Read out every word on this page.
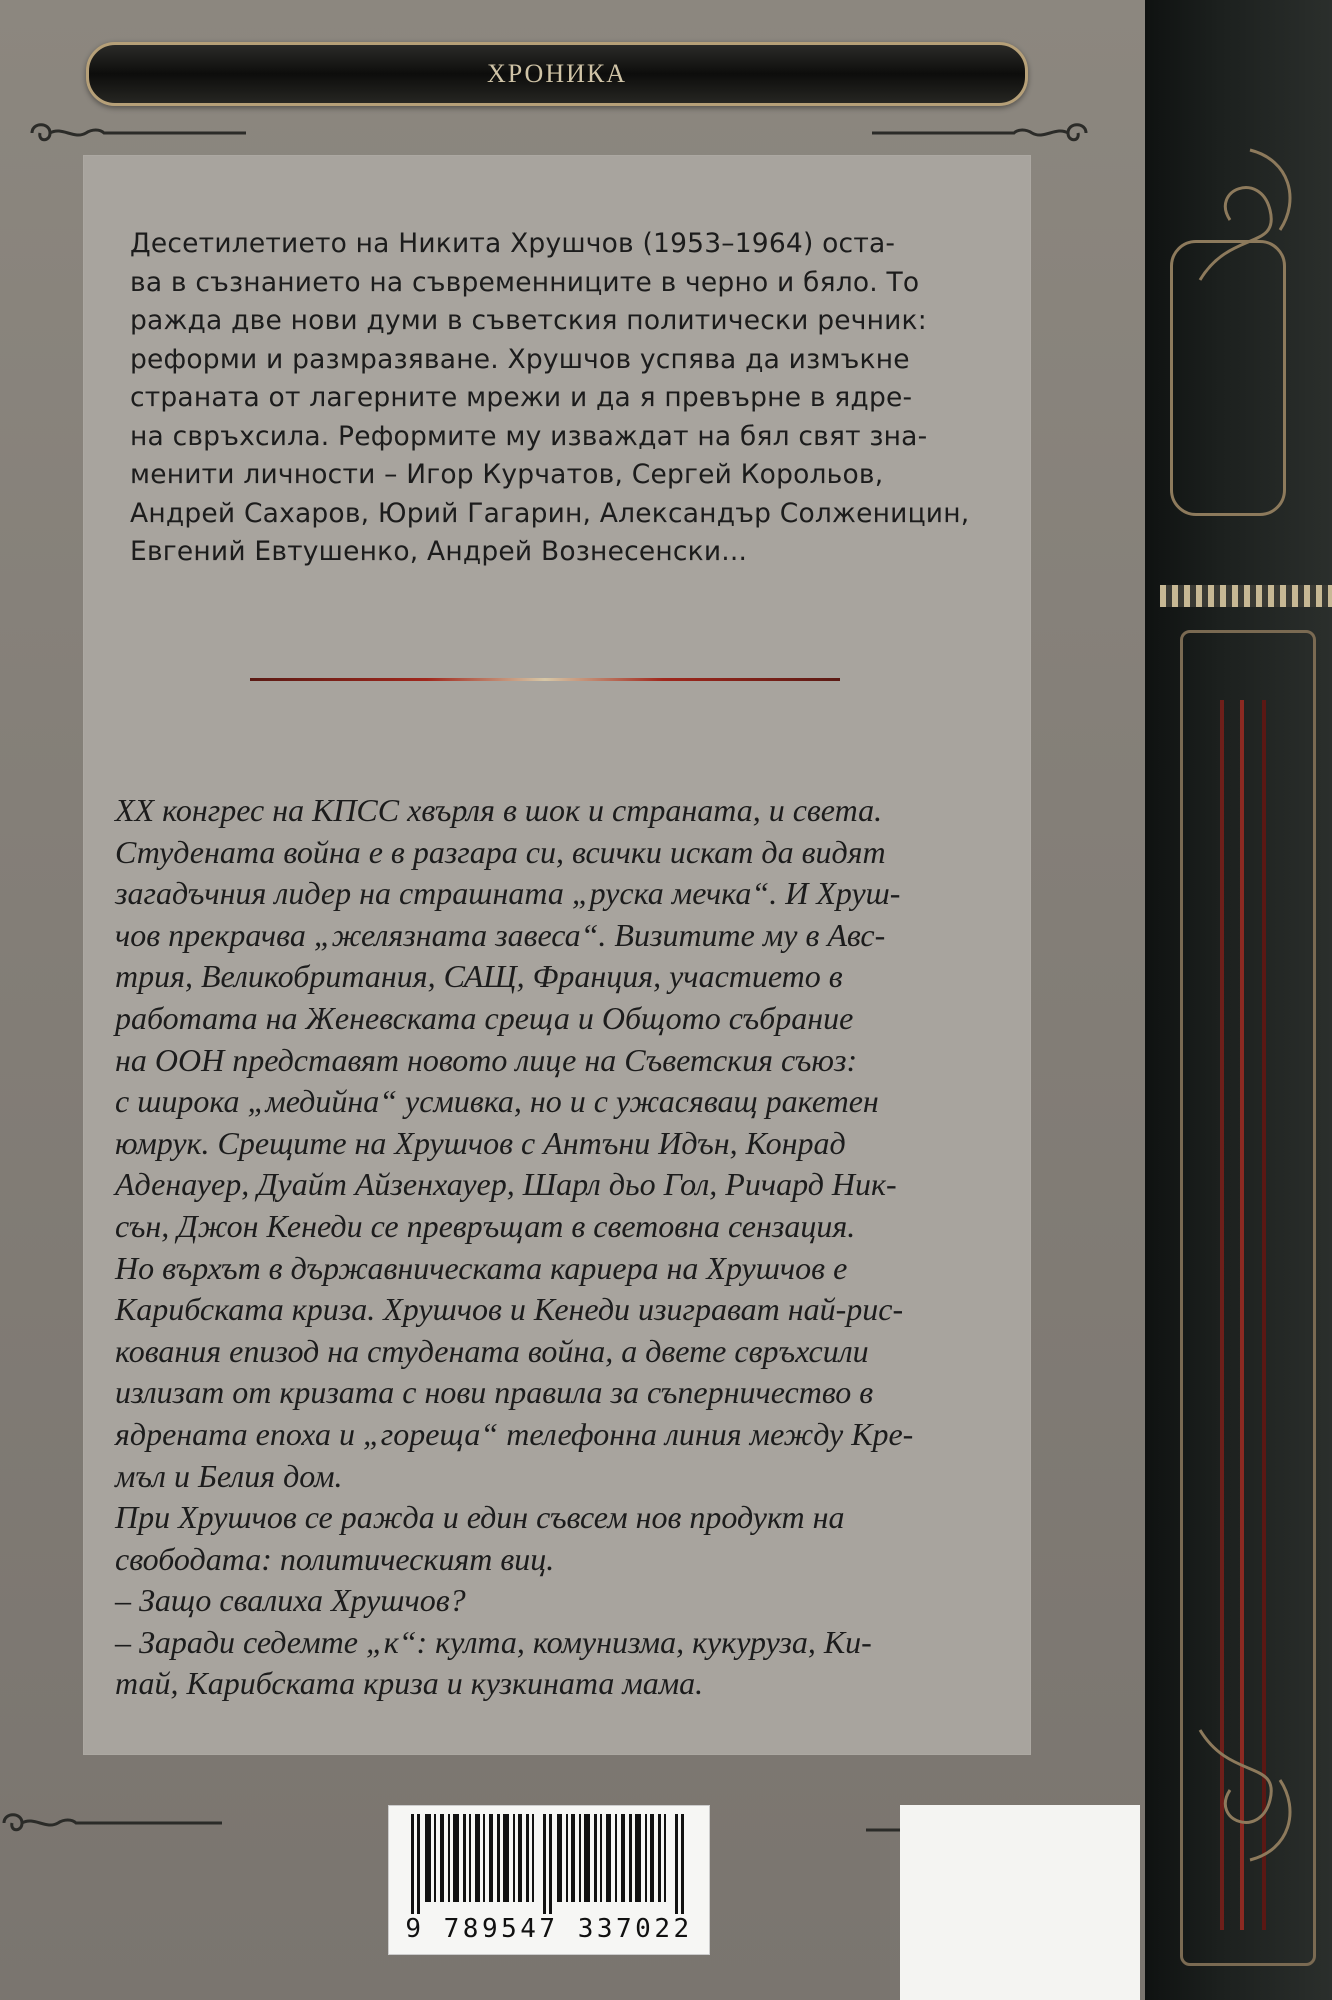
ХРОНИКА

Десетилетието на Никита Хрушчов (1953–1964) оста-
ва в съзнанието на съвременниците в черно и бяло. То
ражда две нови думи в съветския политически речник:
реформи и размразяване. Хрушчов успява да измъкне
страната от лагерните мрежи и да я превърне в ядре-
на свръхсила. Реформите му изваждат на бял свят зна-
менити личности – Игор Курчатов, Сергей Корольов,
Андрей Сахаров, Юрий Гагарин, Александър Солженицин,
Евгений Евтушенко, Андрей Вознесенски...

ХХ конгрес на КПСС хвърля в шок и страната, и света.
Студената война е в разгара си, всички искат да видят
загадъчния лидер на страшната „руска мечка“. И Хруш-
чов прекрачва „желязната завеса“. Визитите му в Авс-
трия, Великобритания, САЩ, Франция, участието в
работата на Женевската среща и Общото събрание
на ООН представят новото лице на Съветския съюз:
с широка „медийна“ усмивка, но и с ужасяващ ракетен
юмрук. Срещите на Хрушчов с Антъни Идън, Конрад
Аденауер, Дуайт Айзенхауер, Шарл дьо Гол, Ричард Ник-
сън, Джон Кенеди се превръщат в световна сензация.
Но върхът в държавническата кариера на Хрушчов е
Карибската криза. Хрушчов и Кенеди изиграват най-рис-
кования епизод на студената война, а двете свръхсили
излизат от кризата с нови правила за съперничество в
ядрената епоха и „гореща“ телефонна линия между Кре-
мъл и Белия дом.
При Хрушчов се ражда и един съвсем нов продукт на
свободата: политическият виц.
– Защо свалиха Хрушчов?
– Заради седемте „к“: култа, комунизма, кукуруза, Ки-
тай, Карибската криза и кузкината мама.

9 789547 337022
